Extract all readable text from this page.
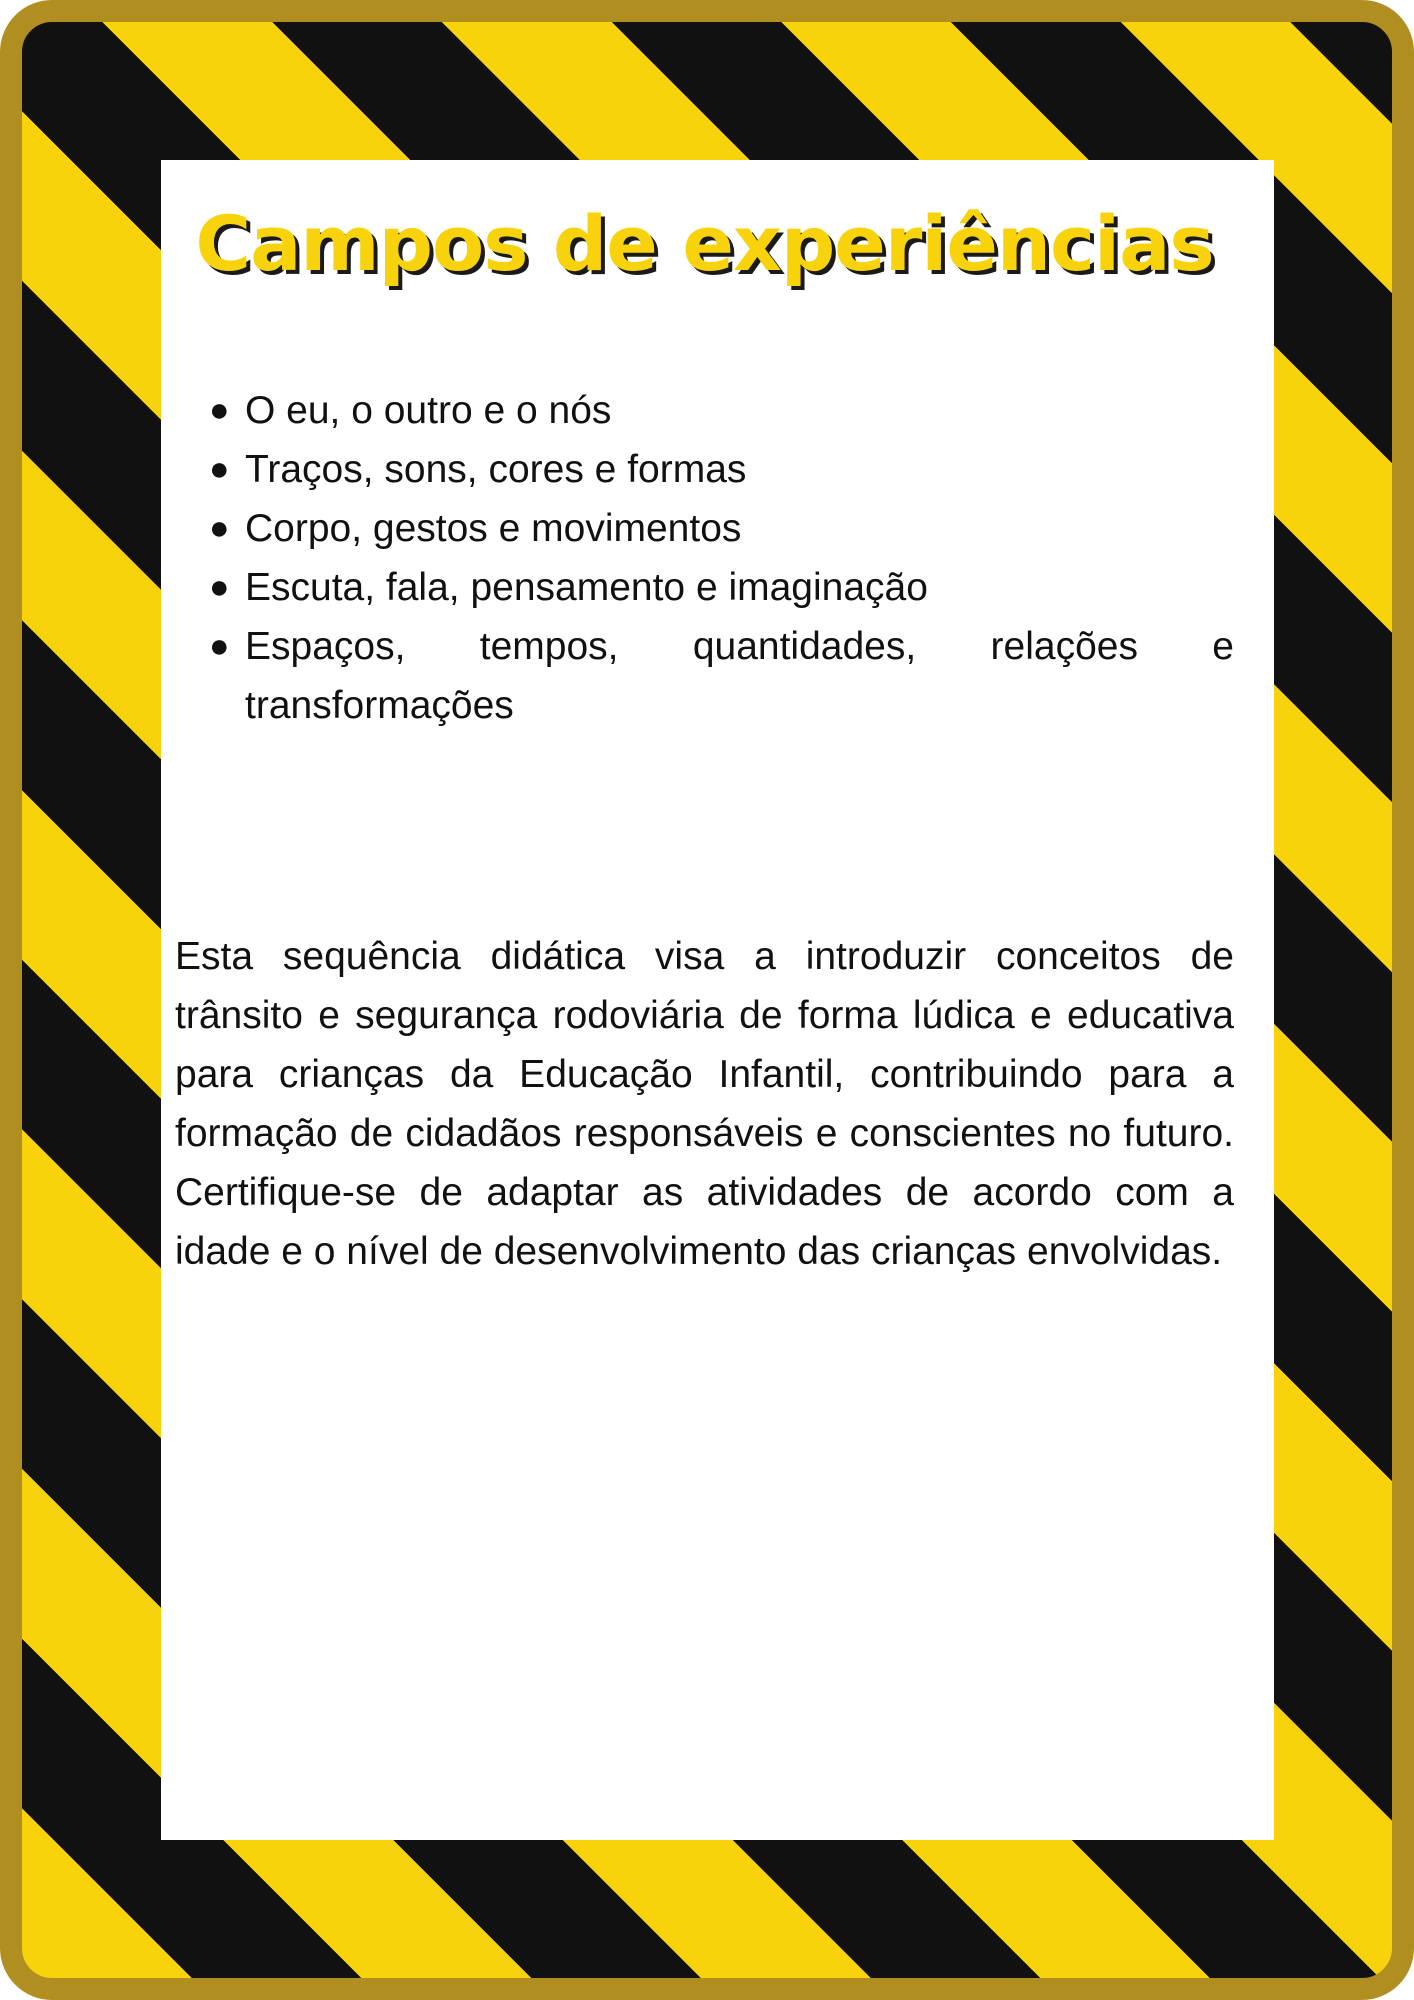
Campos de experiências
● O eu, o outro e o nós
● Traços, sons, cores e formas
● Corpo, gestos e movimentos
● Escuta, fala, pensamento e imaginação
● Espaços, tempos, quantidades, relações e transformações

Esta sequência didática visa a introduzir conceitos de trânsito e segurança rodoviária de forma lúdica e educativa para crianças da Educação Infantil, contribuindo para a formação de cidadãos responsáveis e conscientes no futuro. Certifique-se de adaptar as atividades de acordo com a idade e o nível de desenvolvimento das crianças envolvidas.
